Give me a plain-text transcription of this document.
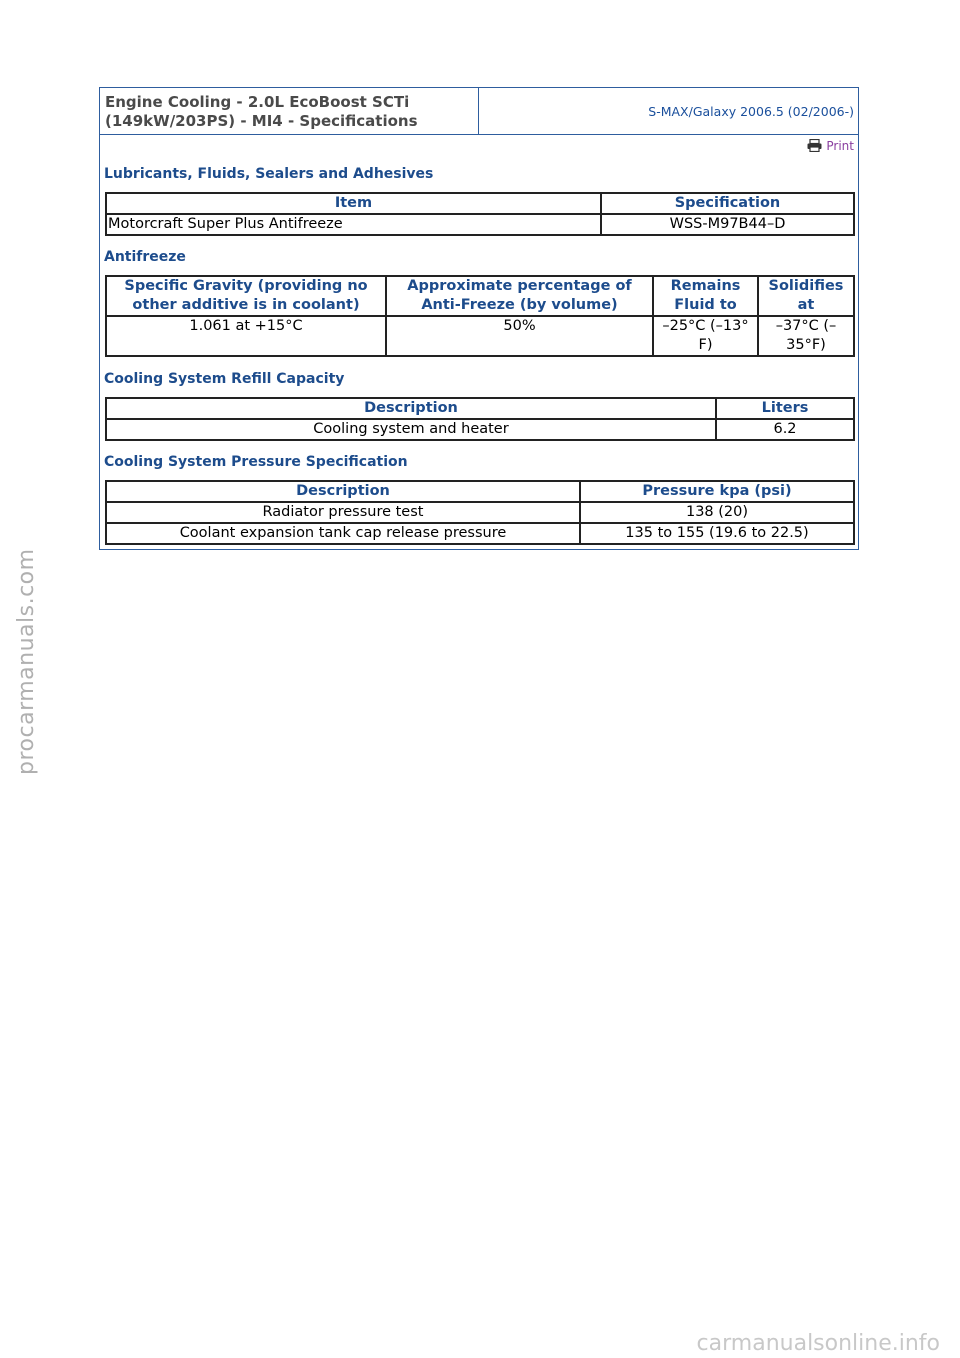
Engine Cooling - 2.0L EcoBoost SCTi
(149kW/203PS) - MI4 - Specifications
S-MAX/Galaxy 2006.5 (02/2006-)
Print
Lubricants, Fluids, Sealers and Adhesives
Item	Specification
Motorcraft Super Plus Antifreeze	WSS-M97B44–D
Antifreeze
Specific Gravity (providing no other additive is in coolant)	Approximate percentage of Anti-Freeze (by volume)	Remains Fluid to	Solidifies at
1.061 at +15°C	50%	–25°C (–13° F)	–37°C (–35°F)
Cooling System Refill Capacity
Description	Liters
Cooling system and heater	6.2
Cooling System Pressure Specification
Description	Pressure kpa (psi)
Radiator pressure test	138 (20)
Coolant expansion tank cap release pressure	135 to 155 (19.6 to 22.5)
procarmanuals.com
carmanualsonline.info
